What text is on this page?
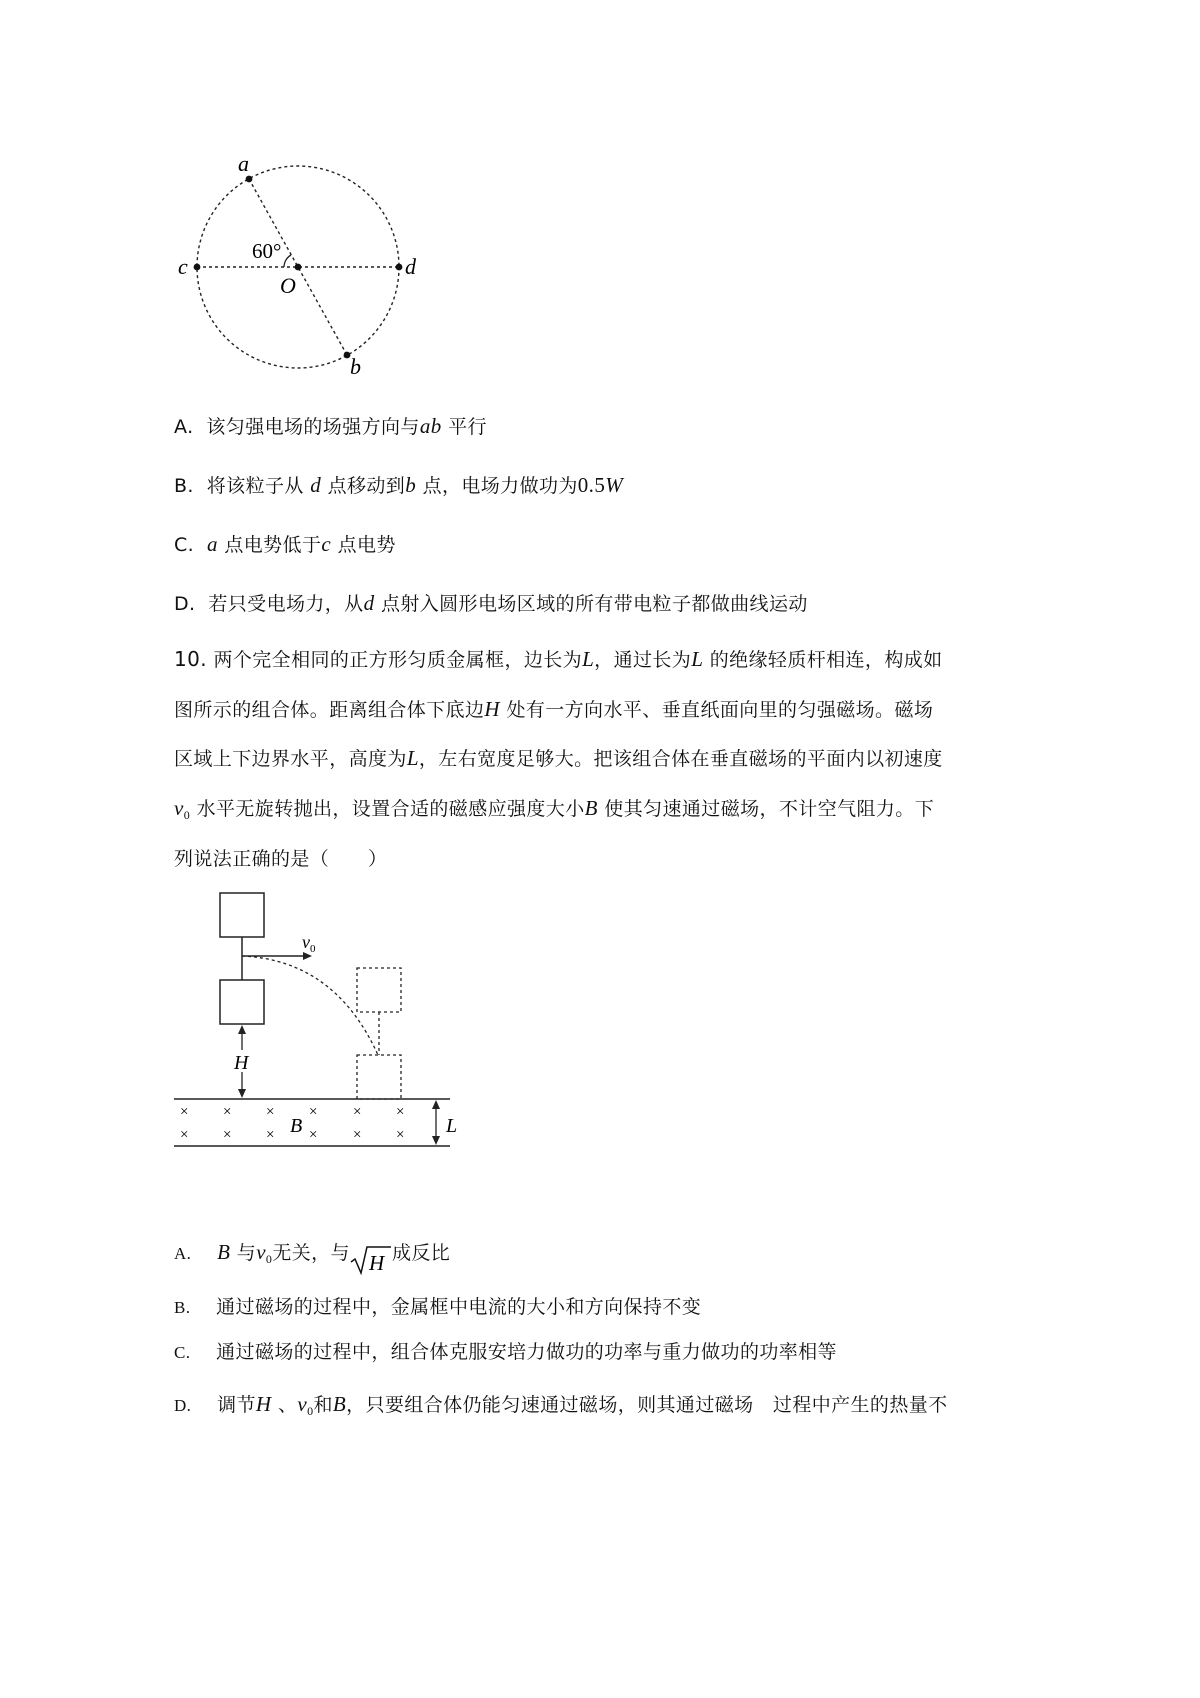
a
b
c	d
O
60°
A. 该匀强电场的场强方向与ab 平行
B. 将该粒子从 d 点移动到b 点，电场力做功为0.5W
C. a 点电势低于c 点电势
D. 若只受电场力，从d 点射入圆形电场区域的所有带电粒子都做曲线运动
10. 两个完全相同的正方形匀质金属框，边长为L，通过长为L 的绝缘轻质杆相连，构成如
图所示的组合体。距离组合体下底边H 处有一方向水平、垂直纸面向里的匀强磁场。磁场
区域上下边界水平，高度为L，左右宽度足够大。把该组合体在垂直磁场的平面内以初速度
$v_0$ 水平无旋转抛出，设置合适的磁感应强度大小B 使其匀速通过磁场，不计空气阻力。下
列说法正确的是（　　）
$v_0$
H
× × × × × ×
× × × × × ×
B	L
A. B 与$v_0$无关，与 H 成反比
B. 通过磁场的过程中，金属框中电流的大小和方向保持不变
C. 通过磁场的过程中，组合体克服安培力做功的功率与重力做功的功率相等
D. 调节H 、$v_0$和B，只要组合体仍能匀速通过磁场，则其通过磁场　过程中产生的热量不
